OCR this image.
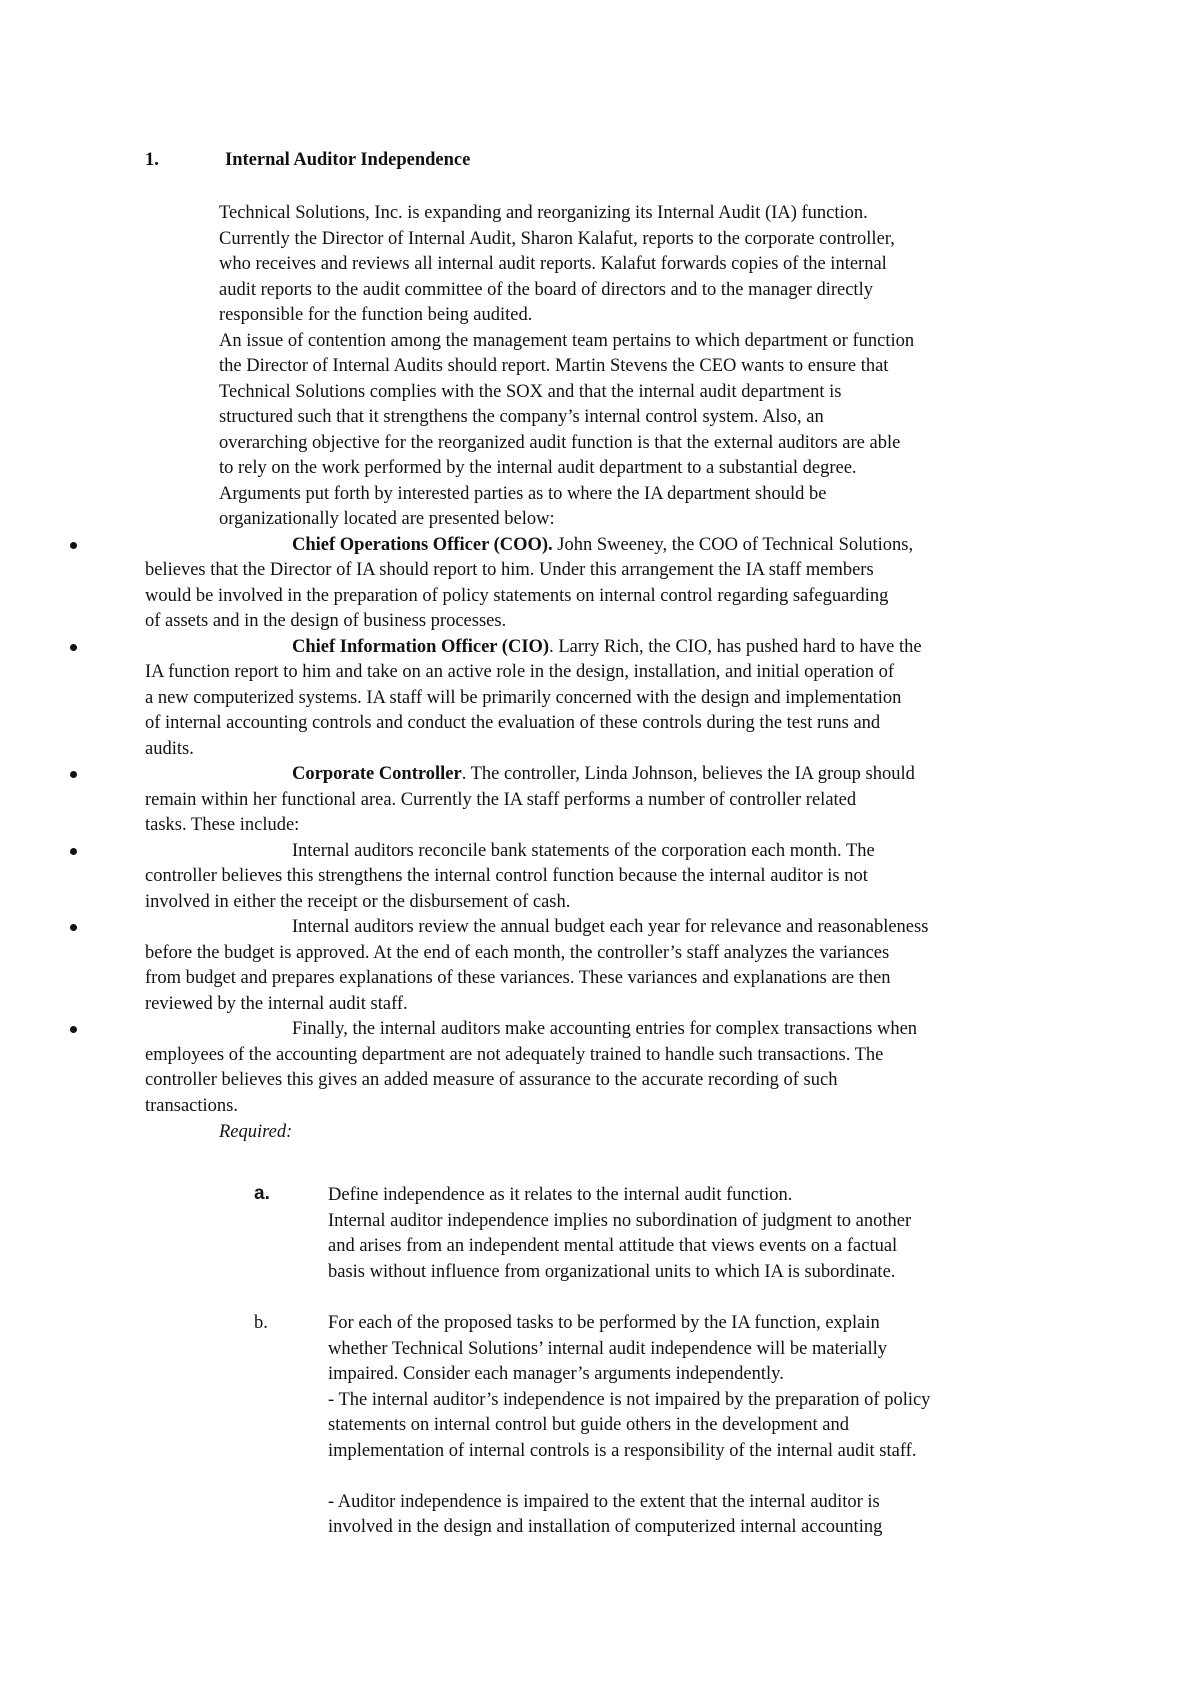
1.	Internal Auditor Independence
Technical Solutions, Inc. is expanding and reorganizing its Internal Audit (IA) function.
Currently the Director of Internal Audit, Sharon Kalafut, reports to the corporate controller,
who receives and reviews all internal audit reports. Kalafut forwards copies of the internal
audit reports to the audit committee of the board of directors and to the manager directly
responsible for the function being audited.
An issue of contention among the management team pertains to which department or function
the Director of Internal Audits should report. Martin Stevens the CEO wants to ensure that
Technical Solutions complies with the SOX and that the internal audit department is
structured such that it strengthens the company’s internal control system. Also, an
overarching objective for the reorganized audit function is that the external auditors are able
to rely on the work performed by the internal audit department to a substantial degree.
Arguments put forth by interested parties as to where the IA department should be
organizationally located are presented below:
Chief Operations Officer (COO). John Sweeney, the COO of Technical Solutions,
believes that the Director of IA should report to him. Under this arrangement the IA staff members
would be involved in the preparation of policy statements on internal control regarding safeguarding
of assets and in the design of business processes.
Chief Information Officer (CIO). Larry Rich, the CIO, has pushed hard to have the
IA function report to him and take on an active role in the design, installation, and initial operation of
a new computerized systems. IA staff will be primarily concerned with the design and implementation
of internal accounting controls and conduct the evaluation of these controls during the test runs and
audits.
Corporate Controller. The controller, Linda Johnson, believes the IA group should
remain within her functional area. Currently the IA staff performs a number of controller related
tasks. These include:
Internal auditors reconcile bank statements of the corporation each month. The
controller believes this strengthens the internal control function because the internal auditor is not
involved in either the receipt or the disbursement of cash.
Internal auditors review the annual budget each year for relevance and reasonableness
before the budget is approved. At the end of each month, the controller’s staff analyzes the variances
from budget and prepares explanations of these variances. These variances and explanations are then
reviewed by the internal audit staff.
Finally, the internal auditors make accounting entries for complex transactions when
employees of the accounting department are not adequately trained to handle such transactions. The
controller believes this gives an added measure of assurance to the accurate recording of such
transactions.
Required:
a.	Define independence as it relates to the internal audit function.
Internal auditor independence implies no subordination of judgment to another
and arises from an independent mental attitude that views events on a factual
basis without influence from organizational units to which IA is subordinate.
b.	For each of the proposed tasks to be performed by the IA function, explain
whether Technical Solutions’ internal audit independence will be materially
impaired. Consider each manager’s arguments independently.
- The internal auditor’s independence is not impaired by the preparation of policy
statements on internal control but guide others in the development and
implementation of internal controls is a responsibility of the internal audit staff.
- Auditor independence is impaired to the extent that the internal auditor is
involved in the design and installation of computerized internal accounting
